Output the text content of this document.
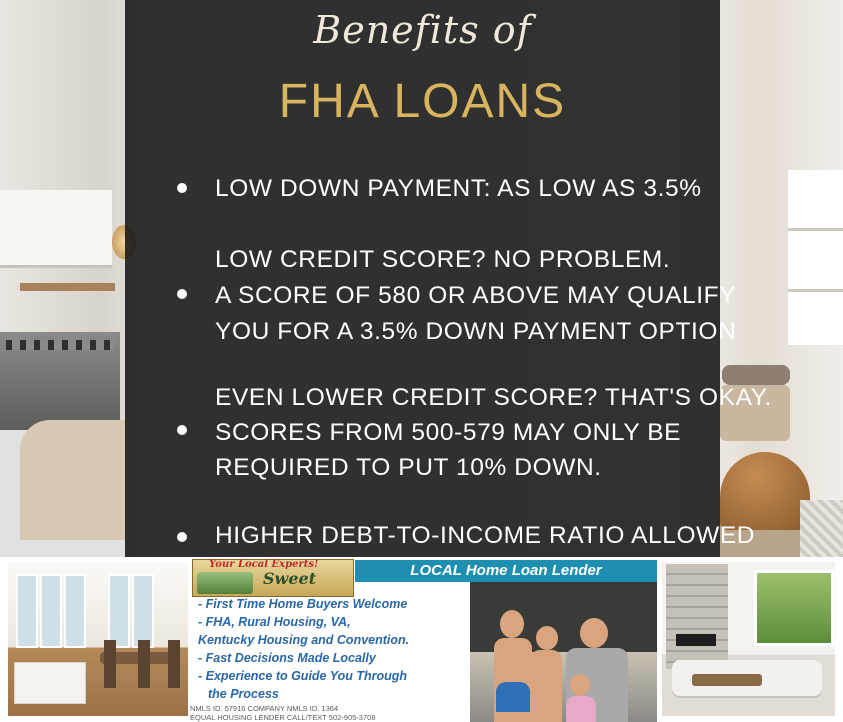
Benefits of
FHA LOANS
LOW DOWN PAYMENT: AS LOW AS 3.5%
LOW CREDIT SCORE? NO PROBLEM.
A SCORE OF 580 OR ABOVE MAY QUALIFY
YOU FOR A 3.5% DOWN PAYMENT OPTION
EVEN LOWER CREDIT SCORE? THAT'S OKAY.
SCORES FROM 500-579 MAY ONLY BE
REQUIRED TO PUT 10% DOWN.
HIGHER DEBT-TO-INCOME RATIO ALLOWED
Your Local Experts!
Sweet
- First Time Home Buyers Welcome
- FHA, Rural Housing, VA,
Kentucky Housing and Convention.
- Fast Decisions Made Locally
- Experience to Guide You Through
the Process
NMLS ID. 57916 COMPANY NMLS ID. 1364
EQUAL HOUSING LENDER CALL/TEXT 502-905-3708
LOCAL Home Loan Lender
